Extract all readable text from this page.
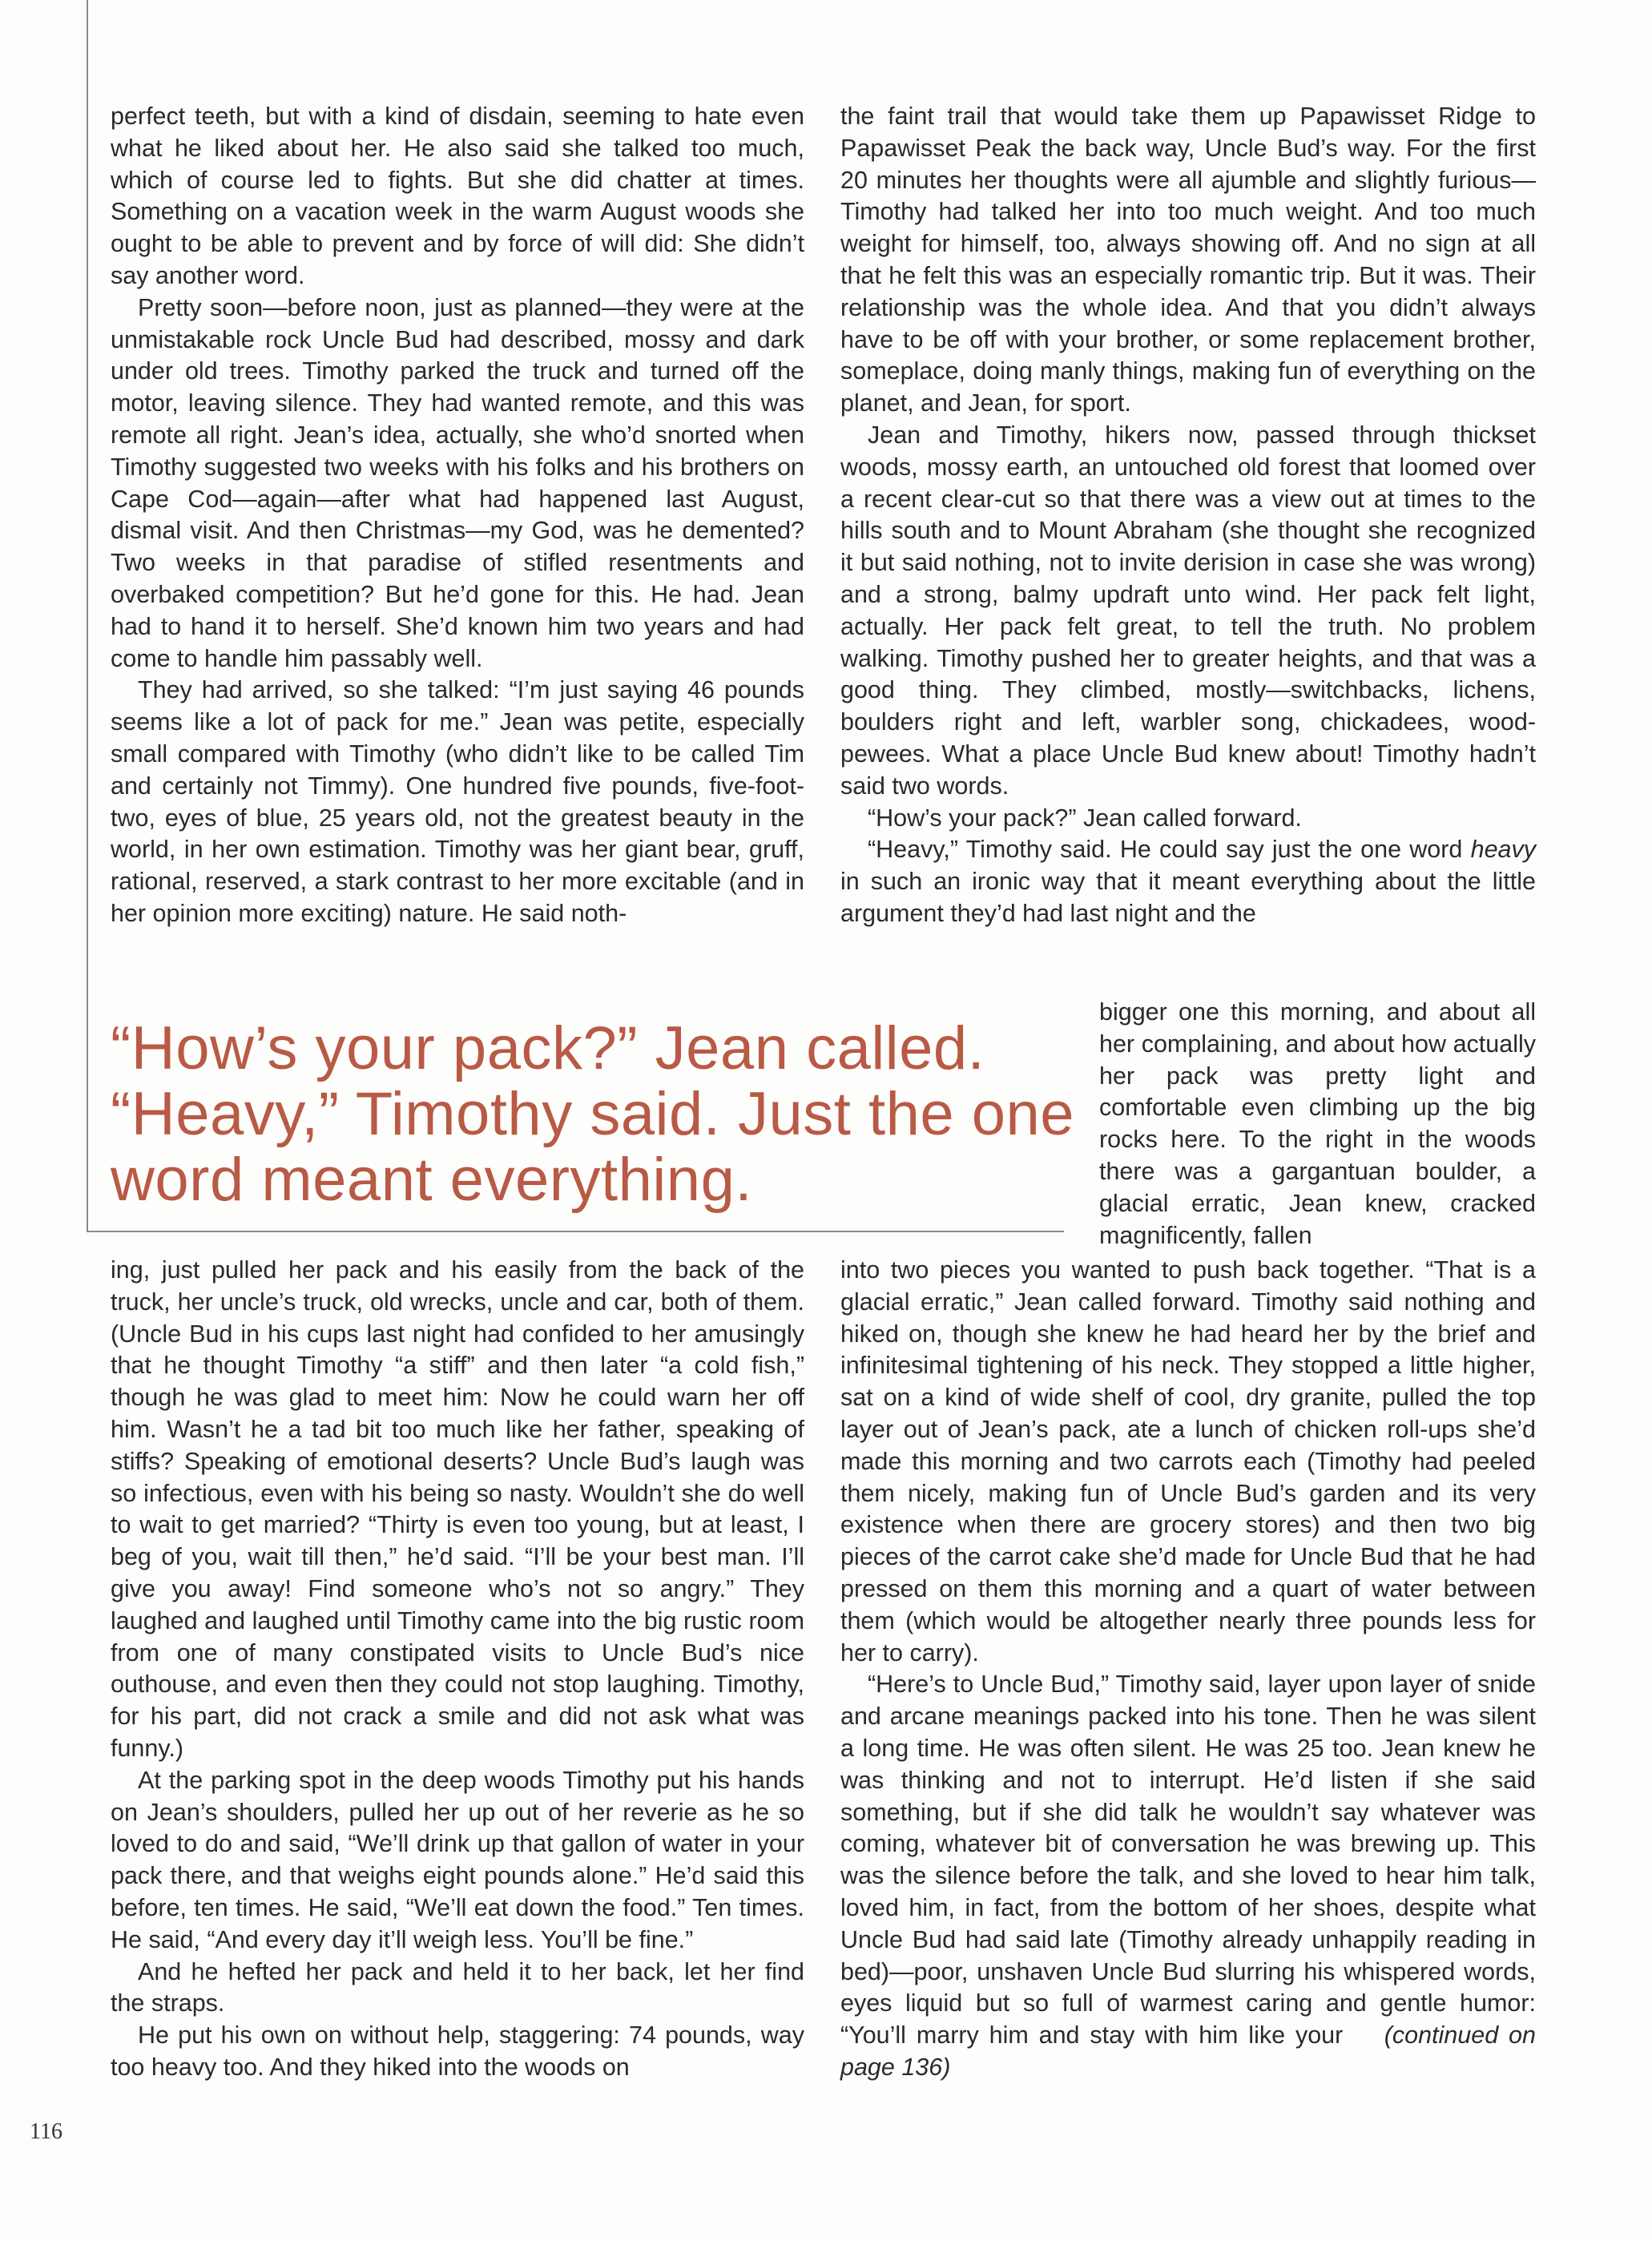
perfect teeth, but with a kind of disdain, seeming to hate even what he liked about her. He also said she talked too much, which of course led to fights. But she did chatter at times. Something on a vacation week in the warm August woods she ought to be able to prevent and by force of will did: She didn’t say another word.

Pretty soon—before noon, just as planned—they were at the unmistakable rock Uncle Bud had described, mossy and dark under old trees. Timothy parked the truck and turned off the motor, leaving silence. They had wanted remote, and this was remote all right. Jean’s idea, actually, she who’d snorted when Timothy suggested two weeks with his folks and his brothers on Cape Cod—again—after what had happened last August, dismal visit. And then Christmas—my God, was he demented? Two weeks in that paradise of stifled resentments and overbaked competition? But he’d gone for this. He had. Jean had to hand it to herself. She’d known him two years and had come to handle him passably well.

They had arrived, so she talked: “I’m just saying 46 pounds seems like a lot of pack for me.” Jean was petite, especially small compared with Timothy (who didn’t like to be called Tim and certainly not Timmy). One hundred five pounds, five-foot-two, eyes of blue, 25 years old, not the greatest beauty in the world, in her own estimation. Timothy was her giant bear, gruff, rational, reserved, a stark contrast to her more excitable (and in her opinion more exciting) nature. He said noth-

“How’s your pack?” Jean called. “Heavy,” Timothy said. Just the one word meant everything.

ing, just pulled her pack and his easily from the back of the truck, her uncle’s truck, old wrecks, uncle and car, both of them. (Uncle Bud in his cups last night had confided to her amusingly that he thought Timothy “a stiff” and then later “a cold fish,” though he was glad to meet him: Now he could warn her off him. Wasn’t he a tad bit too much like her father, speaking of stiffs? Speaking of emotional deserts? Uncle Bud’s laugh was so infectious, even with his being so nasty. Wouldn’t she do well to wait to get married? “Thirty is even too young, but at least, I beg of you, wait till then,” he’d said. “I’ll be your best man. I’ll give you away! Find someone who’s not so angry.” They laughed and laughed until Timothy came into the big rustic room from one of many constipated visits to Uncle Bud’s nice outhouse, and even then they could not stop laughing. Timothy, for his part, did not crack a smile and did not ask what was funny.)

At the parking spot in the deep woods Timothy put his hands on Jean’s shoulders, pulled her up out of her reverie as he so loved to do and said, “We’ll drink up that gallon of water in your pack there, and that weighs eight pounds alone.” He’d said this before, ten times. He said, “We’ll eat down the food.” Ten times. He said, “And every day it’ll weigh less. You’ll be fine.”

And he hefted her pack and held it to her back, let her find the straps.

He put his own on without help, staggering: 74 pounds, way too heavy too. And they hiked into the woods on

the faint trail that would take them up Papawisset Ridge to Papawisset Peak the back way, Uncle Bud’s way. For the first 20 minutes her thoughts were all ajumble and slightly furious—Timothy had talked her into too much weight. And too much weight for himself, too, always showing off. And no sign at all that he felt this was an especially romantic trip. But it was. Their relationship was the whole idea. And that you didn’t always have to be off with your brother, or some replacement brother, someplace, doing manly things, making fun of everything on the planet, and Jean, for sport.

Jean and Timothy, hikers now, passed through thickset woods, mossy earth, an untouched old forest that loomed over a recent clear-cut so that there was a view out at times to the hills south and to Mount Abraham (she thought she recognized it but said nothing, not to invite derision in case she was wrong) and a strong, balmy updraft unto wind. Her pack felt light, actually. Her pack felt great, to tell the truth. No problem walking. Timothy pushed her to greater heights, and that was a good thing. They climbed, mostly—switchbacks, lichens, boulders right and left, warbler song, chickadees, wood-pewees. What a place Uncle Bud knew about! Timothy hadn’t said two words.

“How’s your pack?” Jean called forward.

“Heavy,” Timothy said. He could say just the one word heavy in such an ironic way that it meant everything about the little argument they’d had last night and the

bigger one this morning, and about all her complaining, and about how actually her pack was pretty light and comfortable even climbing up the big rocks here. To the right in the woods there was a gargantuan boulder, a glacial erratic, Jean knew, cracked magnificently, fallen

into two pieces you wanted to push back together. “That is a glacial erratic,” Jean called forward. Timothy said nothing and hiked on, though she knew he had heard her by the brief and infinitesimal tightening of his neck. They stopped a little higher, sat on a kind of wide shelf of cool, dry granite, pulled the top layer out of Jean’s pack, ate a lunch of chicken roll-ups she’d made this morning and two carrots each (Timothy had peeled them nicely, making fun of Uncle Bud’s garden and its very existence when there are grocery stores) and then two big pieces of the carrot cake she’d made for Uncle Bud that he had pressed on them this morning and a quart of water between them (which would be altogether nearly three pounds less for her to carry).

“Here’s to Uncle Bud,” Timothy said, layer upon layer of snide and arcane meanings packed into his tone. Then he was silent a long time. He was often silent. He was 25 too. Jean knew he was thinking and not to interrupt. He’d listen if she said something, but if she did talk he wouldn’t say whatever was coming, whatever bit of conversation he was brewing up. This was the silence before the talk, and she loved to hear him talk, loved him, in fact, from the bottom of her shoes, despite what Uncle Bud had said late (Timothy already unhappily reading in bed)—poor, unshaven Uncle Bud slurring his whispered words, eyes liquid but so full of warmest caring and gentle humor: “You’ll marry him and stay with him like your (continued on page 136)

116
